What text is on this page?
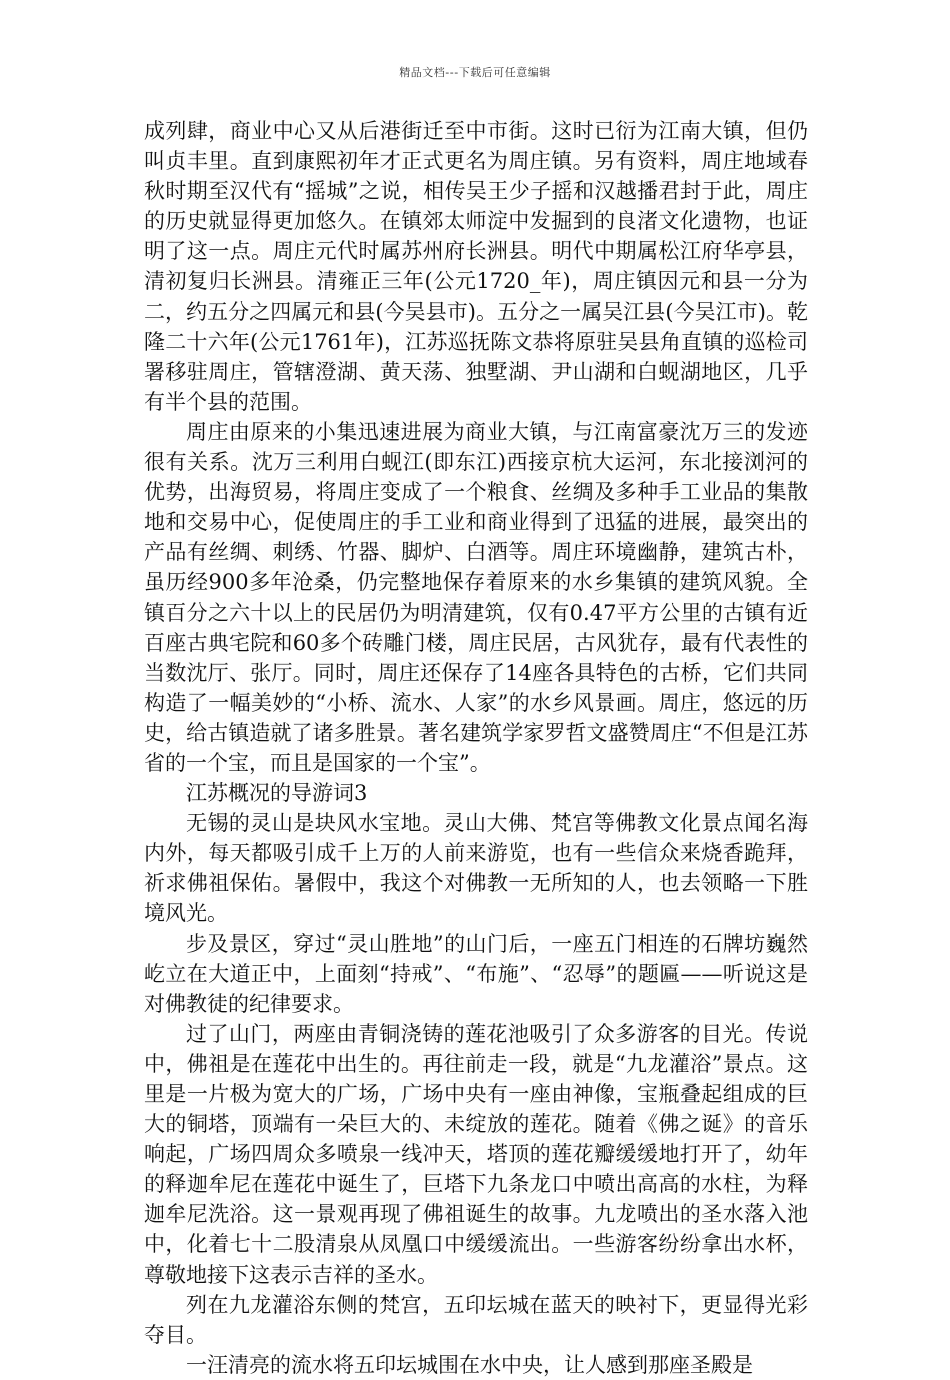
精品文档---下载后可任意编辑

成列肆，商业中心又从后港街迁至中市街。这时已衍为江南大镇，但仍叫贞丰里。直到康熙初年才正式更名为周庄镇。另有资料，周庄地域春秋时期至汉代有“摇城”之说，相传吴王少子摇和汉越播君封于此，周庄的历史就显得更加悠久。在镇郊太师淀中发掘到的良渚文化遗物，也证明了这一点。周庄元代时属苏州府长洲县。明代中期属松江府华亭县，清初复归长洲县。清雍正三年(公元1720_年)，周庄镇因元和县一分为二，约五分之四属元和县(今吴县市)。五分之一属吴江县(今吴江市)。乾隆二十六年(公元1761年)，江苏巡抚陈文恭将原驻吴县角直镇的巡检司署移驻周庄，管辖澄湖、黄天荡、独墅湖、尹山湖和白蚬湖地区，几乎有半个县的范围。

周庄由原来的小集迅速进展为商业大镇，与江南富豪沈万三的发迹很有关系。沈万三利用白蚬江(即东江)西接京杭大运河，东北接浏河的优势，出海贸易，将周庄变成了一个粮食、丝绸及多种手工业品的集散地和交易中心，促使周庄的手工业和商业得到了迅猛的进展，最突出的产品有丝绸、刺绣、竹器、脚炉、白酒等。周庄环境幽静，建筑古朴，虽历经900多年沧桑，仍完整地保存着原来的水乡集镇的建筑风貌。全镇百分之六十以上的民居仍为明清建筑，仅有0.47平方公里的古镇有近百座古典宅院和60多个砖雕门楼，周庄民居，古风犹存，最有代表性的当数沈厅、张厅。同时，周庄还保存了14座各具特色的古桥，它们共同构造了一幅美妙的“小桥、流水、人家”的水乡风景画。周庄，悠远的历史，给古镇造就了诸多胜景。著名建筑学家罗哲文盛赞周庄“不但是江苏省的一个宝，而且是国家的一个宝”。

江苏概况的导游词3

无锡的灵山是块风水宝地。灵山大佛、梵宫等佛教文化景点闻名海内外，每天都吸引成千上万的人前来游览，也有一些信众来烧香跪拜，祈求佛祖保佑。暑假中，我这个对佛教一无所知的人，也去领略一下胜境风光。

步及景区，穿过“灵山胜地”的山门后，一座五门相连的石牌坊巍然屹立在大道正中，上面刻“持戒”、“布施”、“忍辱”的题匾——听说这是对佛教徒的纪律要求。

过了山门，两座由青铜浇铸的莲花池吸引了众多游客的目光。传说中，佛祖是在莲花中出生的。再往前走一段，就是“九龙灌浴”景点。这里是一片极为宽大的广场，广场中央有一座由神像，宝瓶叠起组成的巨大的铜塔，顶端有一朵巨大的、未绽放的莲花。随着《佛之诞》的音乐响起，广场四周众多喷泉一线冲天，塔顶的莲花瓣缓缓地打开了，幼年的释迦牟尼在莲花中诞生了，巨塔下九条龙口中喷出高高的水柱，为释迦牟尼洗浴。这一景观再现了佛祖诞生的故事。九龙喷出的圣水落入池中，化着七十二股清泉从凤凰口中缓缓流出。一些游客纷纷拿出水杯，尊敬地接下这表示吉祥的圣水。

列在九龙灌浴东侧的梵宫，五印坛城在蓝天的映衬下，更显得光彩夺目。

一汪清亮的流水将五印坛城围在水中央，让人感到那座圣殿是
